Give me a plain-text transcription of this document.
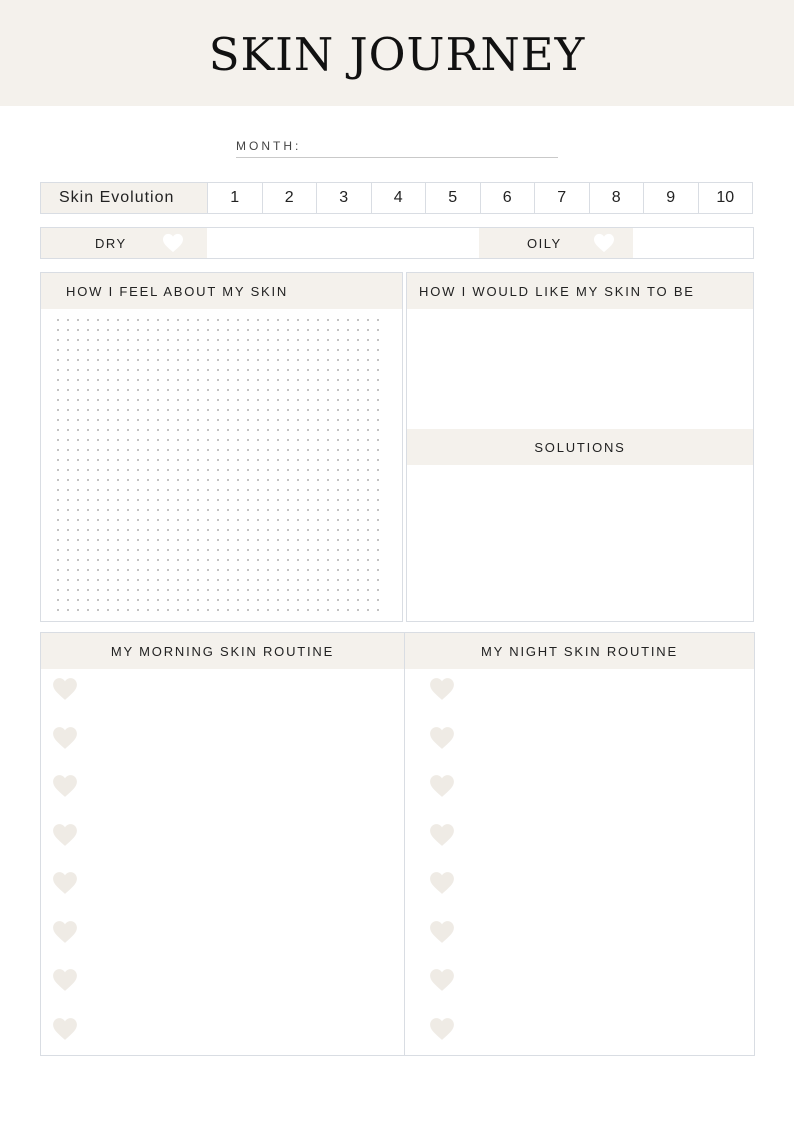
SKIN JOURNEY
MONTH:
Skin Evolution	1	2	3	4	5	6	7	8	9	10
DRY	OILY
HOW I FEEL ABOUT MY SKIN	HOW I WOULD LIKE MY SKIN TO BE
SOLUTIONS
MY MORNING SKIN ROUTINE	MY NIGHT SKIN ROUTINE
